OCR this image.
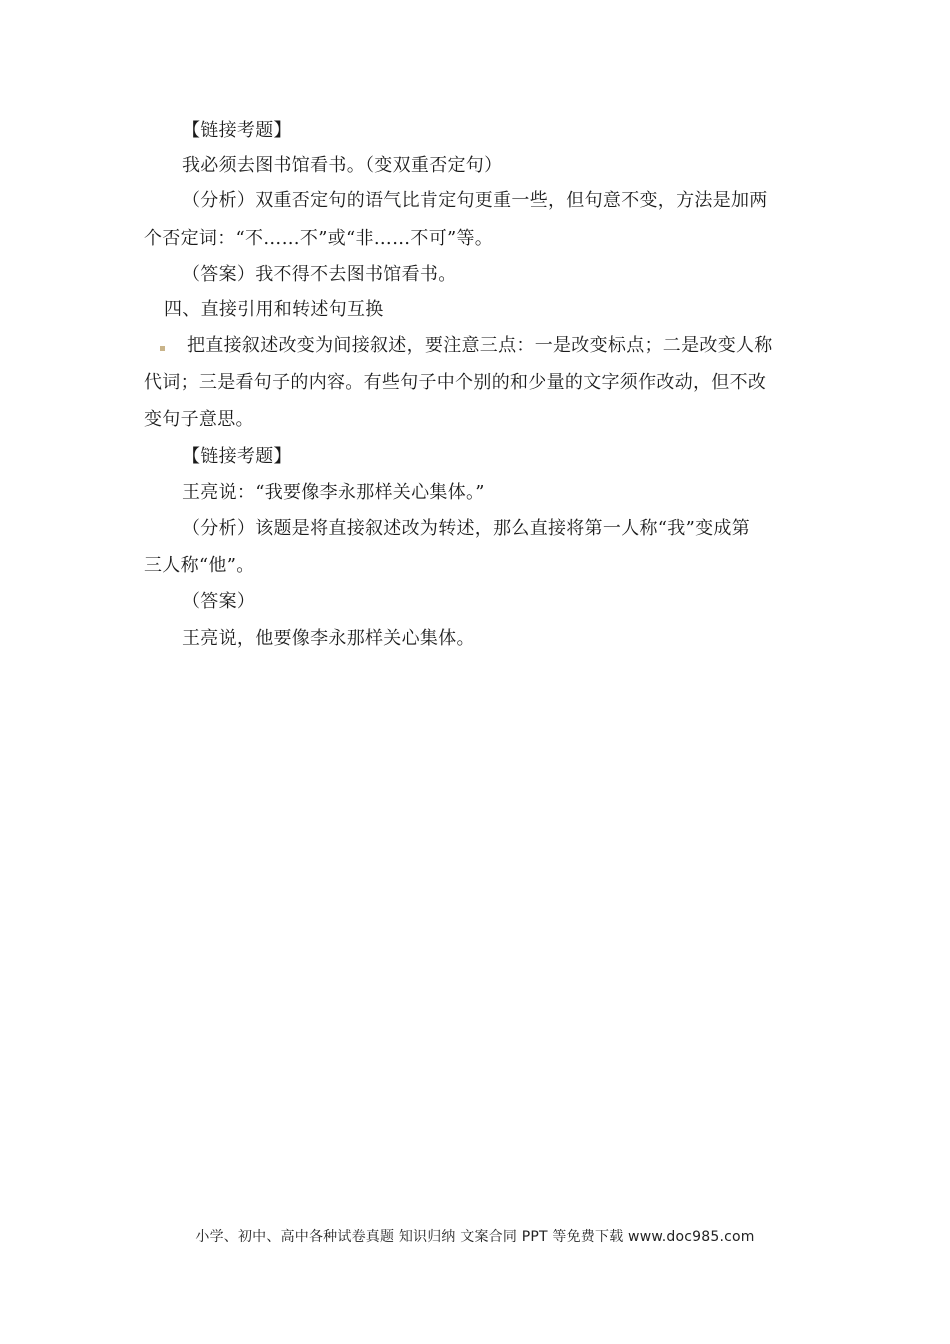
【链接考题】
我必须去图书馆看书。（变双重否定句）
（分析）双重否定句的语气比肯定句更重一些，但句意不变，方法是加两
个否定词：“不……不”或“非……不可”等。
（答案）我不得不去图书馆看书。
四、直接引用和转述句互换
把直接叙述改变为间接叙述，要注意三点：一是改变标点；二是改变人称
代词；三是看句子的内容。有些句子中个别的和少量的文字须作改动，但不改
变句子意思。
【链接考题】
王亮说：“我要像李永那样关心集体。”
（分析）该题是将直接叙述改为转述，那么直接将第一人称“我”变成第
三人称“他”。
（答案）
王亮说，他要像李永那样关心集体。
小学、初中、高中各种试卷真题 知识归纳 文案合同 PPT 等免费下载 www.doc985.com
